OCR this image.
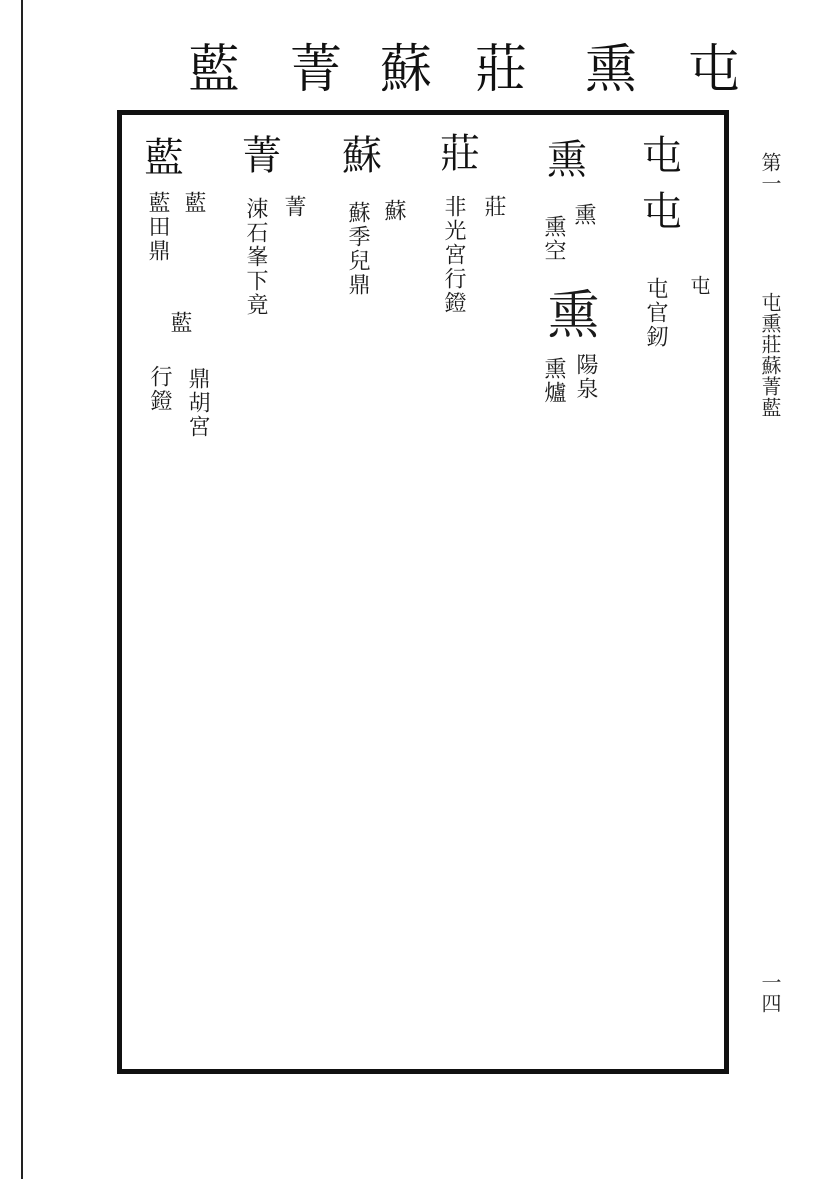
屯
熏
莊
蘇
菁
藍
屯
屯
屯
屯官釰
熏
熏
熏空
熏
陽泉
熏爐
莊
莊
非光宮行鐙
蘇
蘇
蘇季兒鼎
菁
菁
涑石峯下竟
藍
藍
藍田鼎
藍
鼎胡宮
行鐙
第一
屯熏莊蘇菁藍
一四
